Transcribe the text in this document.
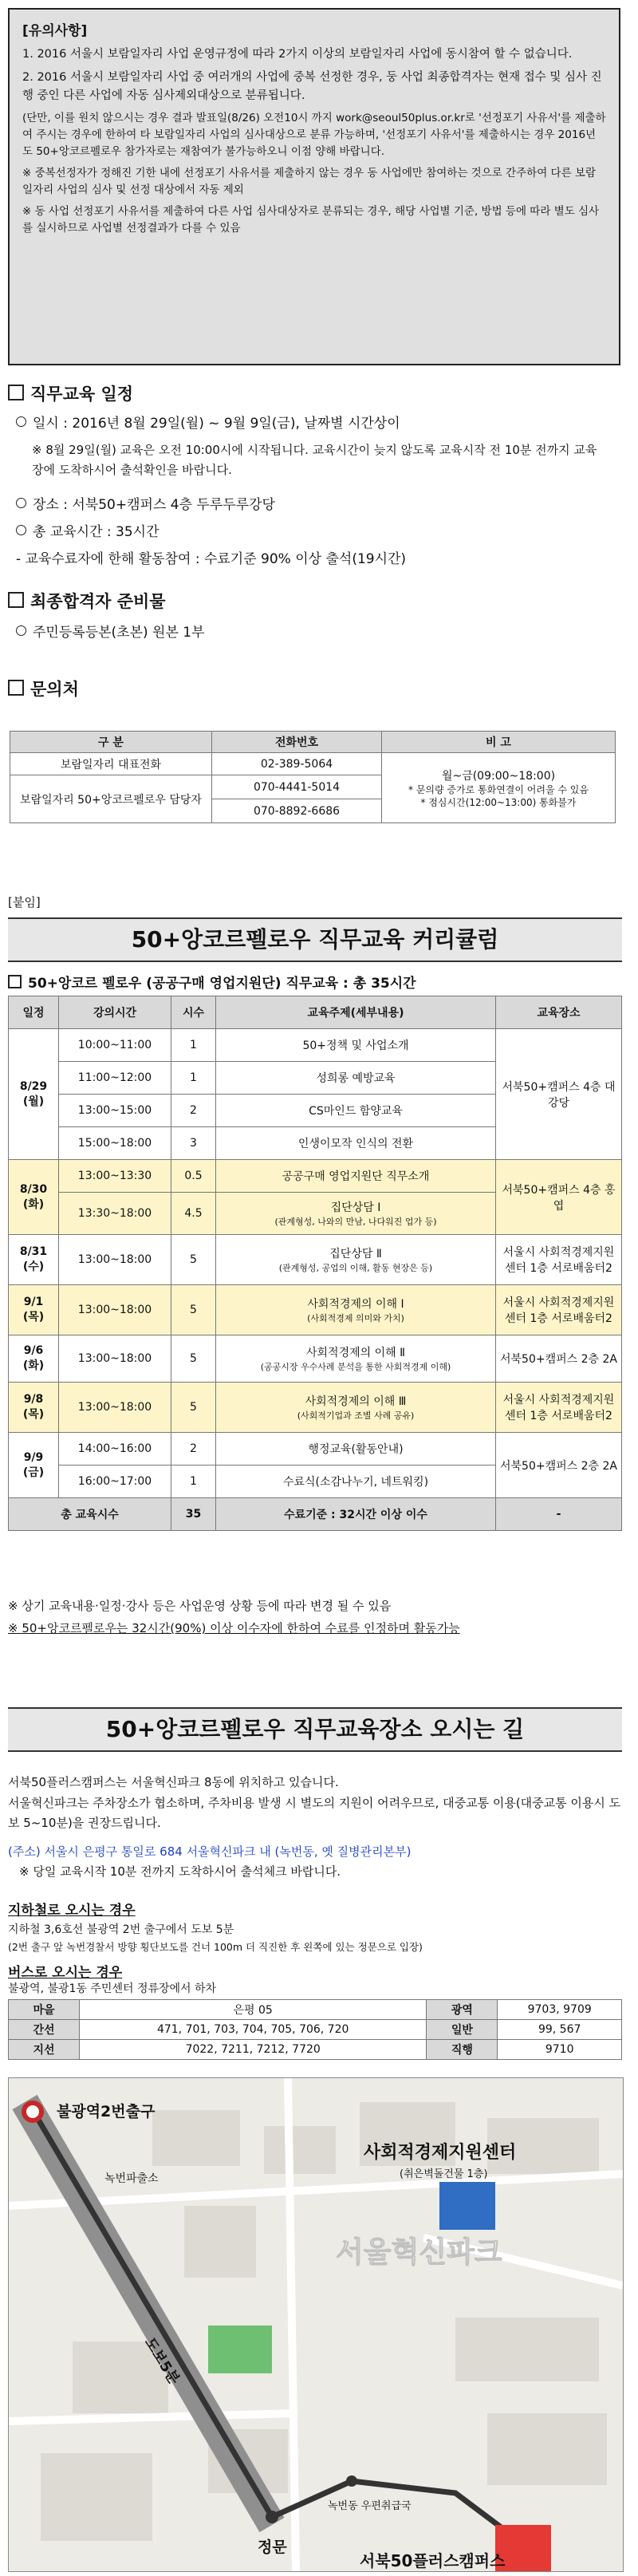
[유의사항]

1. 2016 서울시 보람일자리 사업 운영규정에 따라 2가지 이상의 보람일자리 사업에 동시참여 할 수 없습니다.

2. 2016 서울시 보람일자리 사업 중 여러개의 사업에 중복 선정한 경우, 둥 사업 최종합격자는 현재 접수 및 심사 진행 중인 다른 사업에 자동 심사제외대상으로 분류됩니다.

(단만, 이를 원치 않으시는 경우 결과 발표일(8/26) 오전10시 까지 work@seoul50plus.or.kr로 '선정포기 사유서'를 제출하여 주시는 경우에 한하여 타 보람일자리 사업의 심사대상으로 분류 가능하며, '선정포기 사유서'를 제출하시는 경우 2016년도 50+앙코르펠로우 참가자로는 재참여가 불가능하오니 이점 양해 바랍니다.

※ 중복선정자가 정해진 기한 내에 선정포기 사유서를 제출하지 않는 경우 동 사업에만 참여하는 것으로 간주하여 다른 보람일자리 사업의 심사 및 선정 대상에서 자동 제외

※ 동 사업 선정포기 사유서를 제출하여 다른 사업 심사대상자로 분류되는 경우, 해당 사업별 기준, 방법 등에 따라 별도 심사를 실시하므로 사업별 선정결과가 다를 수 있음

직무교육 일정
일시 : 2016년 8월 29일(월) ~ 9월 9일(금), 날짜별 시간상이
※ 8월 29일(월) 교육은 오전 10:00시에 시작됩니다. 교육시간이 늦지 않도록 교육시작 전 10분 전까지 교육장에 도착하시어 출석확인을 바랍니다.
장소 : 서북50+캠퍼스 4층 두루두루강당
총 교육시간 : 35시간
- 교육수료자에 한해 활동참여 : 수료기준 90% 이상 출석(19시간)
최종합격자 준비물
주민등록등본(초본) 원본 1부
문의처
구 분	전화번호	비 고
보람일자리 대표전화	02-389-5064	월~금(09:00~18:00)
* 문의량 증가로 통화연결이 어려울 수 있음
* 점심시간(12:00~13:00) 통화불가

보람일자리 50+앙코르펠로우 담당자	070-4441-5014	
	070-8892-6686	
[붙임]
50+앙코르펠로우 직무교육 커리큘럼
50+앙코르 펠로우 (공공구매 영업지원단) 직무교육 : 총 35시간
일정	강의시간	시수	교육주제(세부내용)	교육장소
8/29 (월)	10:00~11:00	1	50+정책 및 사업소개	서북50+캠퍼스 4층 대강당
	11:00~12:00	1	성희롱 예방교육	
	13:00~15:00	2	CS마인드 함양교육	
	15:00~18:00	3	인생이모작 인식의 전환	
8/30 (화)	13:00~13:30	0.5	공공구매 영업지원단 직무소개	서북50+캠퍼스 4층 홍엽
	13:30~18:00	4.5	집단상담 Ⅰ
(관계형성, 나와의 만남, 나다워진 업가 등)	

8/31 (수)	13:00~18:00	5	집단상담 Ⅱ
(관계형성, 공업의 이해, 활동 현장은 등)	서울시 사회적경제지원센터 1층 서로배움터2
9/1 (목)	13:00~18:00	5	사회적경제의 이해 Ⅰ
(사회적경제 의미와 가치)	서울시 사회적경제지원센터 1층 서로배움터2
9/6 (화)	13:00~18:00	5	사회적경제의 이해 Ⅱ
(공공시장 우수사례 분석을 통한 사회적경제 이해)	서북50+캠퍼스 2층 2A
9/8 (목)	13:00~18:00	5	사회적경제의 이해 Ⅲ
(사회적기업과 조별 사례 공유)	서울시 사회적경제지원센터 1층 서로배움터2
9/9 (금)	14:00~16:00	2	행정교육(활동안내)	서북50+캠퍼스 2층 2A
	16:00~17:00	1	수료식(소감나누기, 네트워킹)	
총 교육시수		35	수료기준 : 32시간 이상 이수	-
※ 상기 교육내용·일정·강사 등은 사업운영 상황 등에 따라 변경 될 수 있음
※ 50+앙코르펠로우는 32시간(90%) 이상 이수자에 한하여 수료를 인정하며 활동가능
50+앙코르펠로우 직무교육장소 오시는 길
서북50플러스캠퍼스는 서울혁신파크 8동에 위치하고 있습니다.
서울혁신파크는 주차장소가 협소하며, 주차비용 발생 시 별도의 지원이 어려우므로, 대중교통 이용(대중교통 이용시 도보 5~10분)을 권장드립니다.
(주소) 서울시 은평구 통일로 684 서울혁신파크 내 (녹번동, 옛 질병관리본부)
※ 당일 교육시작 10분 전까지 도착하시어 출석체크 바랍니다.
지하철로 오시는 경우
지하철 3,6호선 불광역 2번 출구에서 도보 5분
(2번 출구 앞 녹번경찰서 방향 횡단보도를 건너 100m 더 직진한 후 왼쪽에 있는 정문으로 입장)
버스로 오시는 경우
불광역, 불광1동 주민센터 정류장에서 하차
마을	은평 05	광역	9703, 9709
간선	471, 701, 703, 704, 705, 706, 720	일반	99, 567
지선	7022, 7211, 7212, 7720	직행	9710
불광역2번출구
녹번파출소
도보5분
사회적경제지원센터
(취은벽돌건물 1층)
서울혁신파크
정문
녹번동 우편취급국
서북50플러스캠퍼스
